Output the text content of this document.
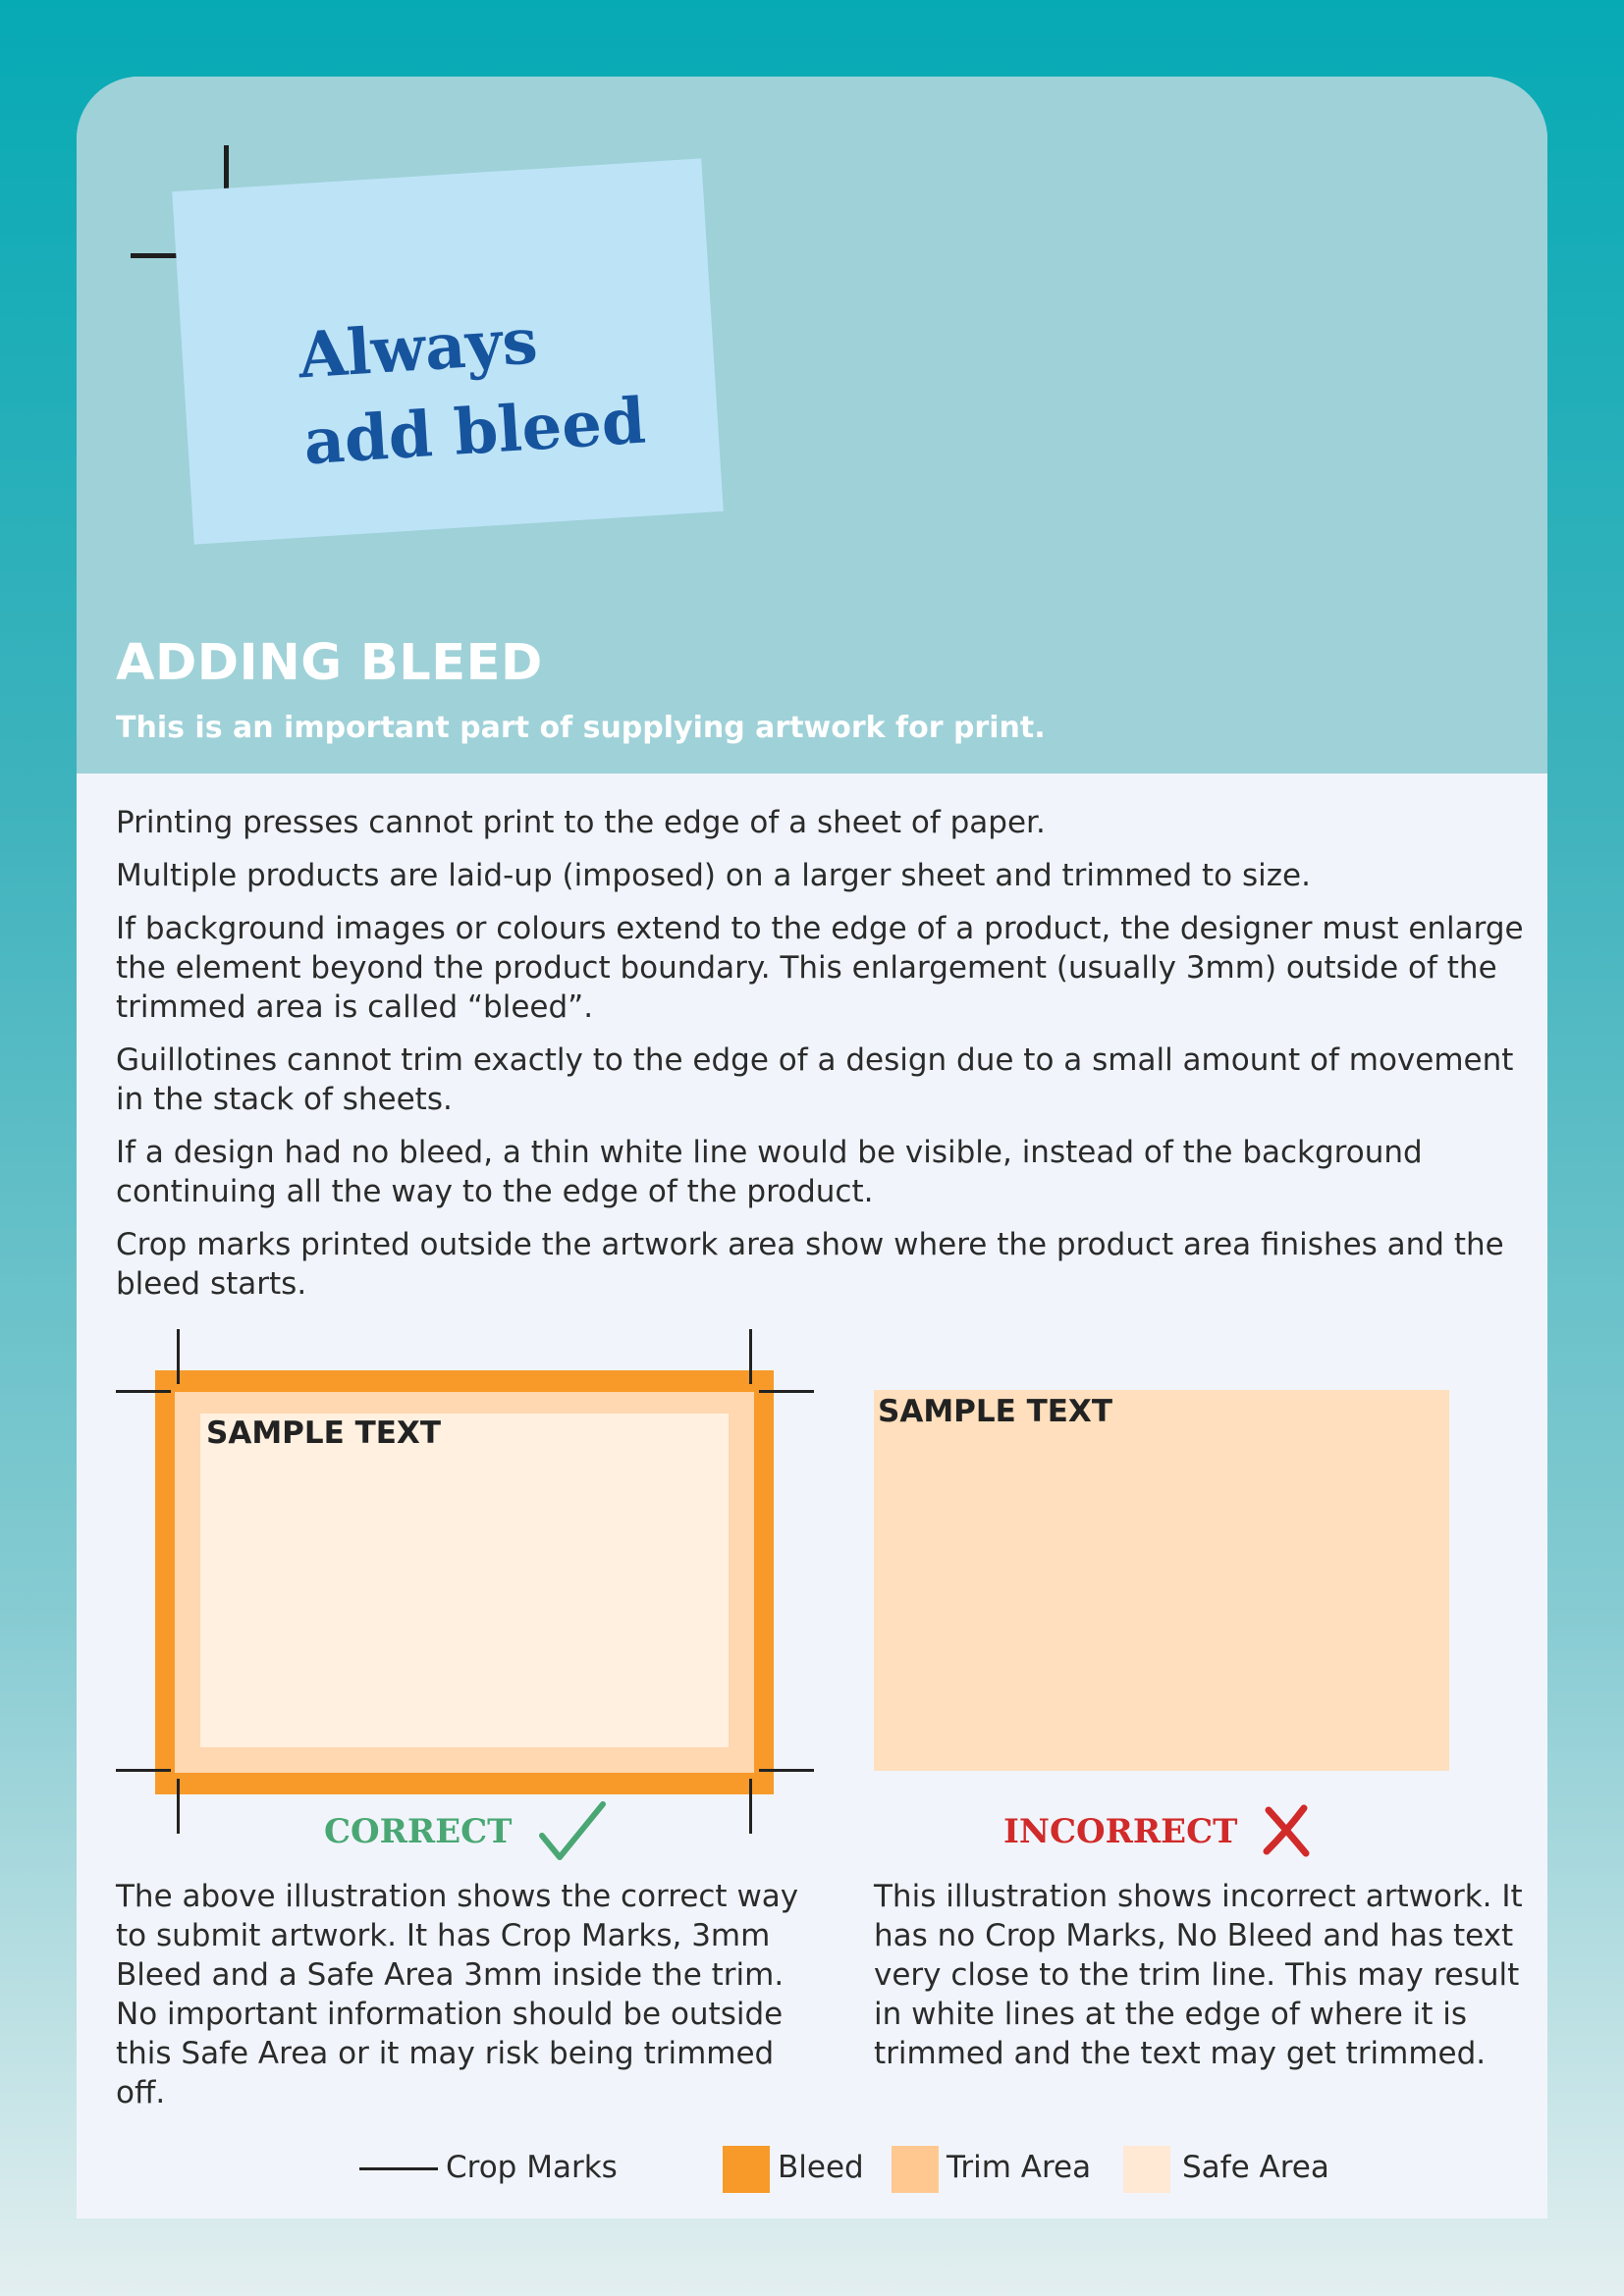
Always
add bleed

ADDING BLEED

This is an important part of supplying artwork for print.

Printing presses cannot print to the edge of a sheet of paper.

Multiple products are laid-up (imposed) on a larger sheet and trimmed to size.

If background images or colours extend to the edge of a product, the designer must enlarge the element beyond the product boundary. This enlargement (usually 3mm) outside of the trimmed area is called “bleed”.

Guillotines cannot trim exactly to the edge of a design due to a small amount of movement in the stack of sheets.

If a design had no bleed, a thin white line would be visible, instead of the background continuing all the way to the edge of the product.

Crop marks printed outside the artwork area show where the product area finishes and the bleed starts.

SAMPLE TEXT

SAMPLE TEXT

CORRECT	INCORRECT

The above illustration shows the correct way to submit artwork. It has Crop Marks, 3mm Bleed and a Safe Area 3mm inside the trim. No important information should be outside this Safe Area or it may risk being trimmed off.

This illustration shows incorrect artwork. It has no Crop Marks, No Bleed and has text very close to the trim line. This may result in white lines at the edge of where it is trimmed and the text may get trimmed.

Crop Marks	Bleed	Trim Area	Safe Area
